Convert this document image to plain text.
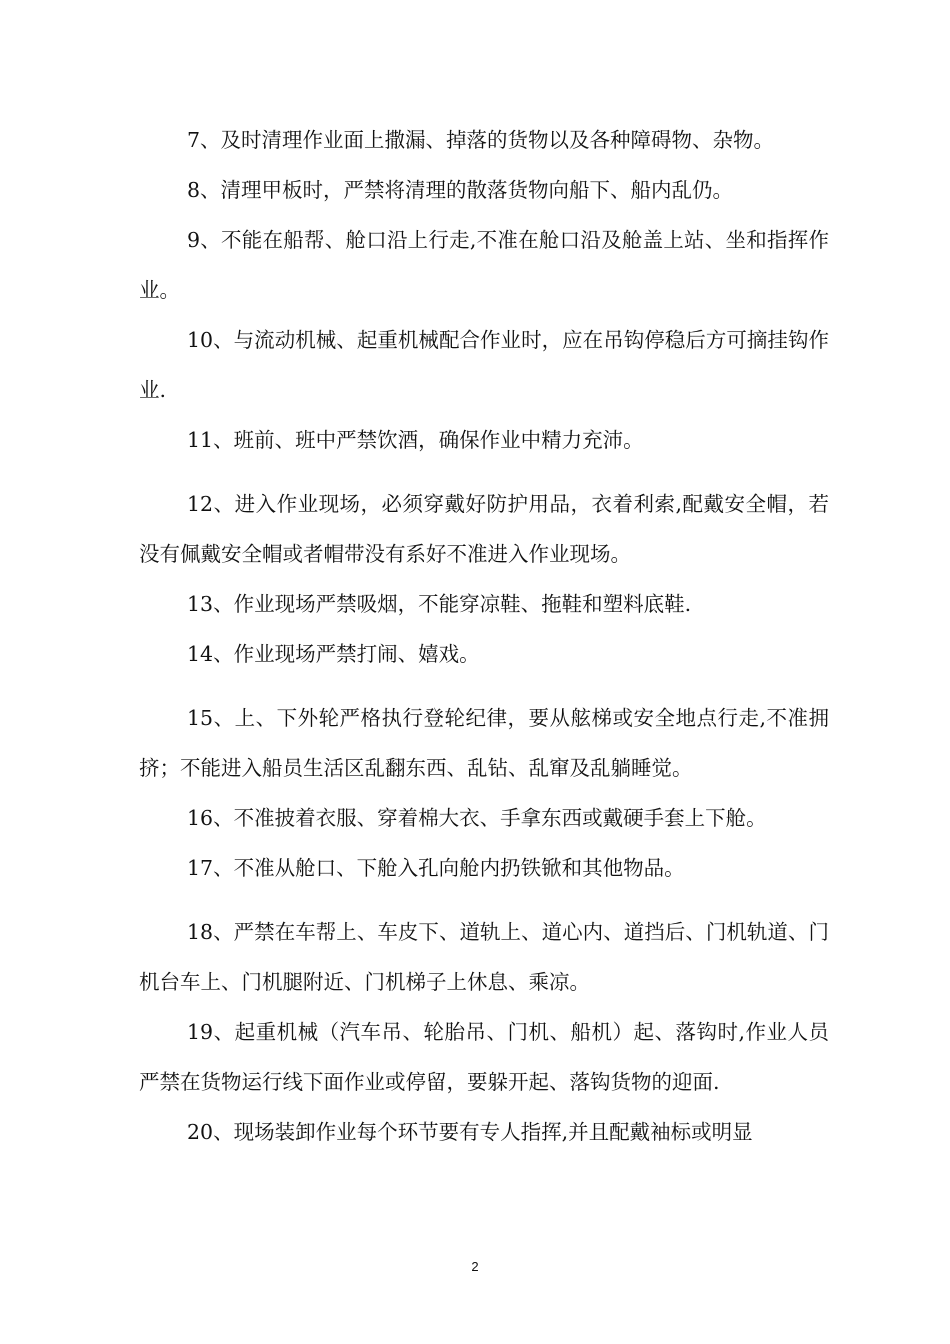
7、及时清理作业面上撒漏、掉落的货物以及各种障碍物、杂物。

8、清理甲板时，严禁将清理的散落货物向船下、船内乱仍。

9、不能在船帮、舱口沿上行走,不准在舱口沿及舱盖上站、坐和指挥作业。

10、与流动机械、起重机械配合作业时，应在吊钩停稳后方可摘挂钩作业.

11、班前、班中严禁饮酒，确保作业中精力充沛。

12、进入作业现场，必须穿戴好防护用品，衣着利索,配戴安全帽，若没有佩戴安全帽或者帽带没有系好不准进入作业现场。

13、作业现场严禁吸烟，不能穿凉鞋、拖鞋和塑料底鞋.

14、作业现场严禁打闹、嬉戏。

15、上、下外轮严格执行登轮纪律，要从舷梯或安全地点行走,不准拥挤；不能进入船员生活区乱翻东西、乱钻、乱窜及乱躺睡觉。

16、不准披着衣服、穿着棉大衣、手拿东西或戴硬手套上下舱。

17、不准从舱口、下舱入孔向舱内扔铁锨和其他物品。

18、严禁在车帮上、车皮下、道轨上、道心内、道挡后、门机轨道、门机台车上、门机腿附近、门机梯子上休息、乘凉。

19、起重机械（汽车吊、轮胎吊、门机、船机）起、落钩时,作业人员严禁在货物运行线下面作业或停留，要躲开起、落钩货物的迎面.

20、现场装卸作业每个环节要有专人指挥,并且配戴袖标或明显

2
